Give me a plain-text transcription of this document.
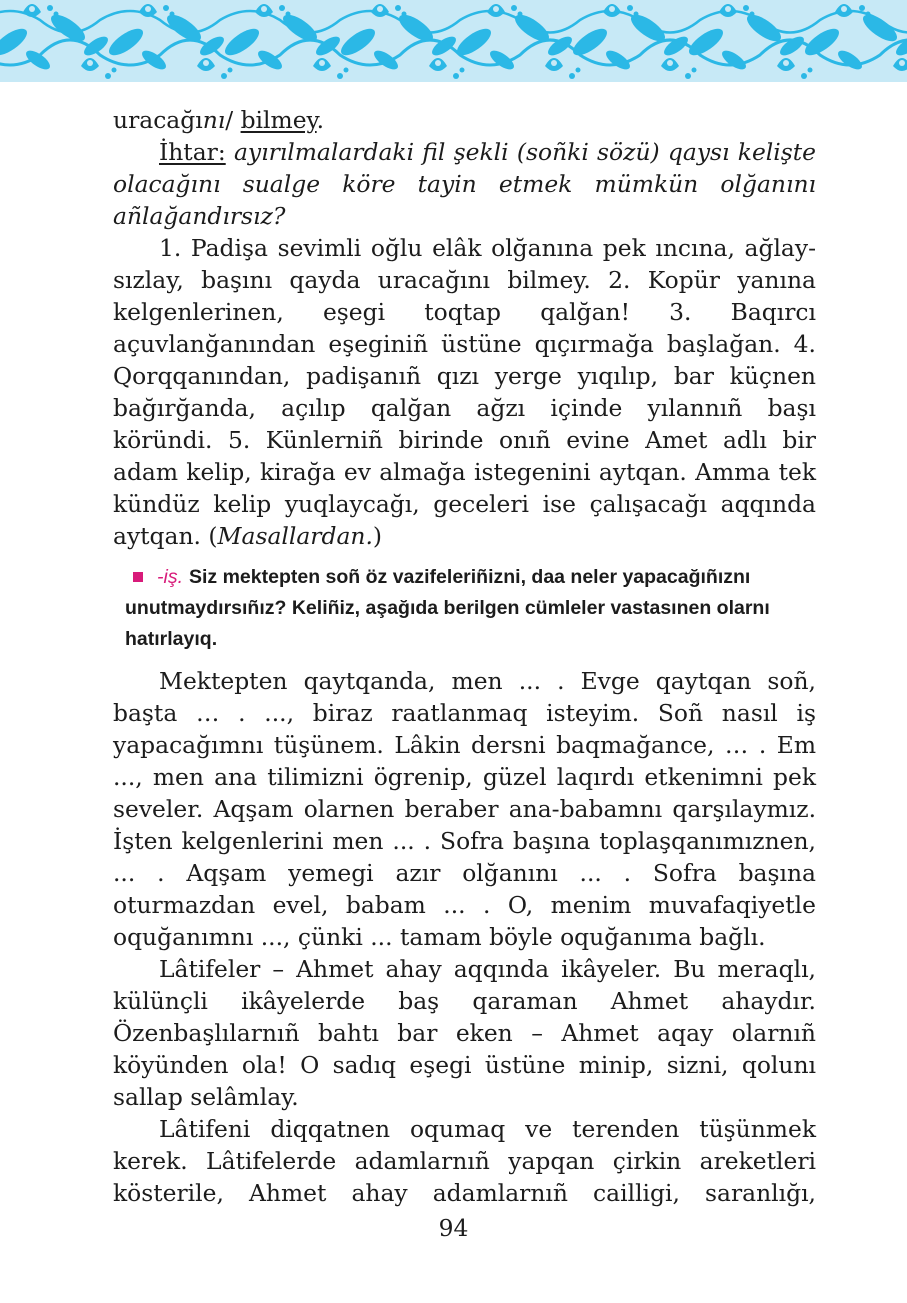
uracağını/ bilmey.

İhtar: ayırılmalardaki fil şekli (soñki sözü) qaysı kelişte olacağını sualge köre tayin etmek mümkün olğanını añlağandırsız?

1. Padişa sevimli oğlu elâk olğanına pek ıncına, ağlay-sızlay, başını qayda uracağını bilmey. 2. Kopür yanına kelgenlerinen, eşegi toqtap qalğan! 3. Baqırcı açuvlanğanından eşeginiñ üstüne qıçırmağa başlağan. 4. Qorqqanından, padişanıñ qızı yerge yıqılıp, bar küçnen bağırğanda, açılıp qalğan ağzı içinde yılannıñ başı köründi. 5. Künlerniñ birinde onıñ evine Amet adlı bir adam kelip, kirağa ev almağa istegenini aytqan. Amma tek kündüz kelip yuqlaycağı, geceleri ise çalışacağı aqqında aytqan. (Masallardan.)

-iş. Siz mektepten soñ öz vazifeleriñizni, daa neler yapacağıñıznı unutmaydırsıñız? Keliñiz, aşağıda berilgen cümleler vastasınen olarnı hatırlayıq.

Mektepten qaytqanda, men ... . Evge qaytqan soñ, başta … . ..., biraz raatlanmaq isteyim. Soñ nasıl iş yapacağımnı tüşünem. Lâkin dersni baqmağance, … . Em ..., men ana tilimizni ögrenip, güzel laqırdı etkenimni pek seveler. Aqşam olarnen beraber ana-babamnı qarşılaymız. İşten kelgenlerini men ... . Sofra başına toplaşqanımıznen, ... . Aqşam yemegi azır olğanını ... . Sofra başına oturmazdan evel, babam ... . O, menim muvafaqiyetle oquğanımnı ..., çünki ... tamam böyle oquğanıma bağlı.

Lâtifeler – Ahmet ahay aqqında ikâyeler. Bu meraqlı, külünçli ikâyelerde baş qaraman Ahmet ahaydır. Özenbaşlılarnıñ bahtı bar eken – Ahmet aqay olarnıñ köyünden ola! O sadıq eşegi üstüne minip, sizni, qolunı sallap selâmlay.

Lâtifeni diqqatnen oqumaq ve terenden tüşünmek kerek. Lâtifelerde adamlarnıñ yapqan çirkin areketleri kösterile, Ahmet ahay adamlarnıñ cailligi, saranlığı,

94
